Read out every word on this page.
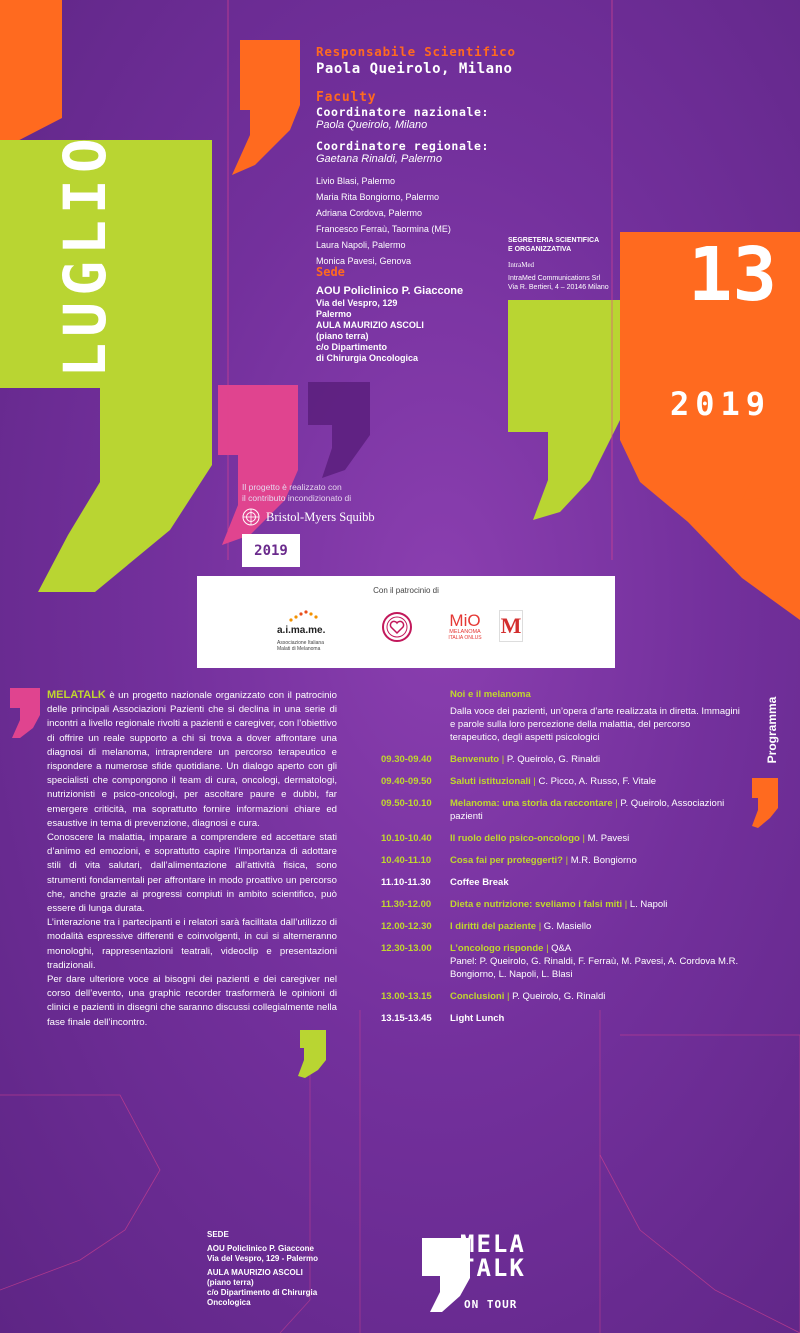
LUGLIO
Responsabile Scientifico
Paola Queirolo, Milano
Faculty
Coordinatore nazionale:
Paola Queirolo, Milano
Coordinatore regionale:
Gaetana Rinaldi, Palermo
Livio Blasi, Palermo
Maria Rita Bongiorno, Palermo
Adriana Cordova, Palermo
Francesco Ferraù, Taormina (ME)
Laura Napoli, Palermo
Monica Pavesi, Genova
Sede
AOU Policlinico P. Giaccone
Via del Vespro, 129
Palermo
AULA MAURIZIO ASCOLI
(piano terra)
c/o Dipartimento
di Chirurgia Oncologica
SEGRETERIA SCIENTIFICA
E ORGANIZZATIVA
IntraMed
IntraMed Communications Srl
Via R. Bertieri, 4 – 20146 Milano 13
2019
Il progetto è realizzato con
il contributo incondizionato di
Bristol-Myers Squibb
2019
Con il patrocinio di
a.i.ma.me.
Associazione Italiana
Malati di Melanoma
MiO
MELANOMA
ITALIA ONLUS M

MELATALK è un progetto nazionale organizzato con il patrocinio delle principali Associazioni Pazienti che si declina in una serie di incontri a livello regionale rivolti a pazienti e caregiver, con l’obiettivo di offrire un reale supporto a chi si trova a dover affrontare una diagnosi di melanoma, intraprendere un percorso terapeutico e rispondere a numerose sfide quotidiane. Un dialogo aperto con gli specialisti che compongono il team di cura, oncologi, dermatologi, nutrizionisti e psico-oncologi, per ascoltare paure e dubbi, far emergere criticità, ma soprattutto fornire informazioni chiare ed esaustive in tema di prevenzione, diagnosi e cura.

Conoscere la malattia, imparare a comprendere ed accettare stati d’animo ed emozioni, e soprattutto capire l’importanza di adottare stili di vita salutari, dall’alimentazione all’attività fisica, sono strumenti fondamentali per affrontare in modo proattivo un percorso che, anche grazie ai progressi compiuti in ambito scientifico, può essere di lunga durata.

L’interazione tra i partecipanti e i relatori sarà facilitata dall’utilizzo di modalità espressive differenti e coinvolgenti, in cui si alterneranno monologhi, rappresentazioni teatrali, videoclip e presentazioni tradizionali.

Per dare ulteriore voce ai bisogni dei pazienti e dei caregiver nel corso dell’evento, una graphic recorder trasformerà le opinioni di clinici e pazienti in disegni che saranno discussi collegialmente nella fase finale dell’incontro.

Programma
Noi e il melanoma
Dalla voce dei pazienti, un’opera d’arte realizzata in diretta. Immagini e parole sulla loro percezione della malattia, del percorso terapeutico, degli aspetti psicologici
09.30-09.40	Benvenuto | P. Queirolo, G. Rinaldi
09.40-09.50	Saluti istituzionali | C. Picco, A. Russo, F. Vitale
09.50-10.10	Melanoma: una storia da raccontare | P. Queirolo, Associazioni pazienti
10.10-10.40	Il ruolo dello psico-oncologo | M. Pavesi
10.40-11.10	Cosa fai per proteggerti? | M.R. Bongiorno
11.10-11.30	Coffee Break
11.30-12.00	Dieta e nutrizione: sveliamo i falsi miti | L. Napoli
12.00-12.30	I diritti del paziente | G. Masiello
12.30-13.00	L’oncologo risponde | Q&A
Panel: P. Queirolo, G. Rinaldi, F. Ferraù, M. Pavesi, A. Cordova M.R. Bongiorno, L. Napoli, L. Blasi
13.00-13.15	Conclusioni | P. Queirolo, G. Rinaldi
13.15-13.45	Light Lunch
SEDE
AOU Policlinico P. Giaccone
Via del Vespro, 129 - Palermo
AULA MAURIZIO ASCOLI
(piano terra)
c/o Dipartimento di Chirurgia
Oncologica
MELA
TALK
ON TOUR
